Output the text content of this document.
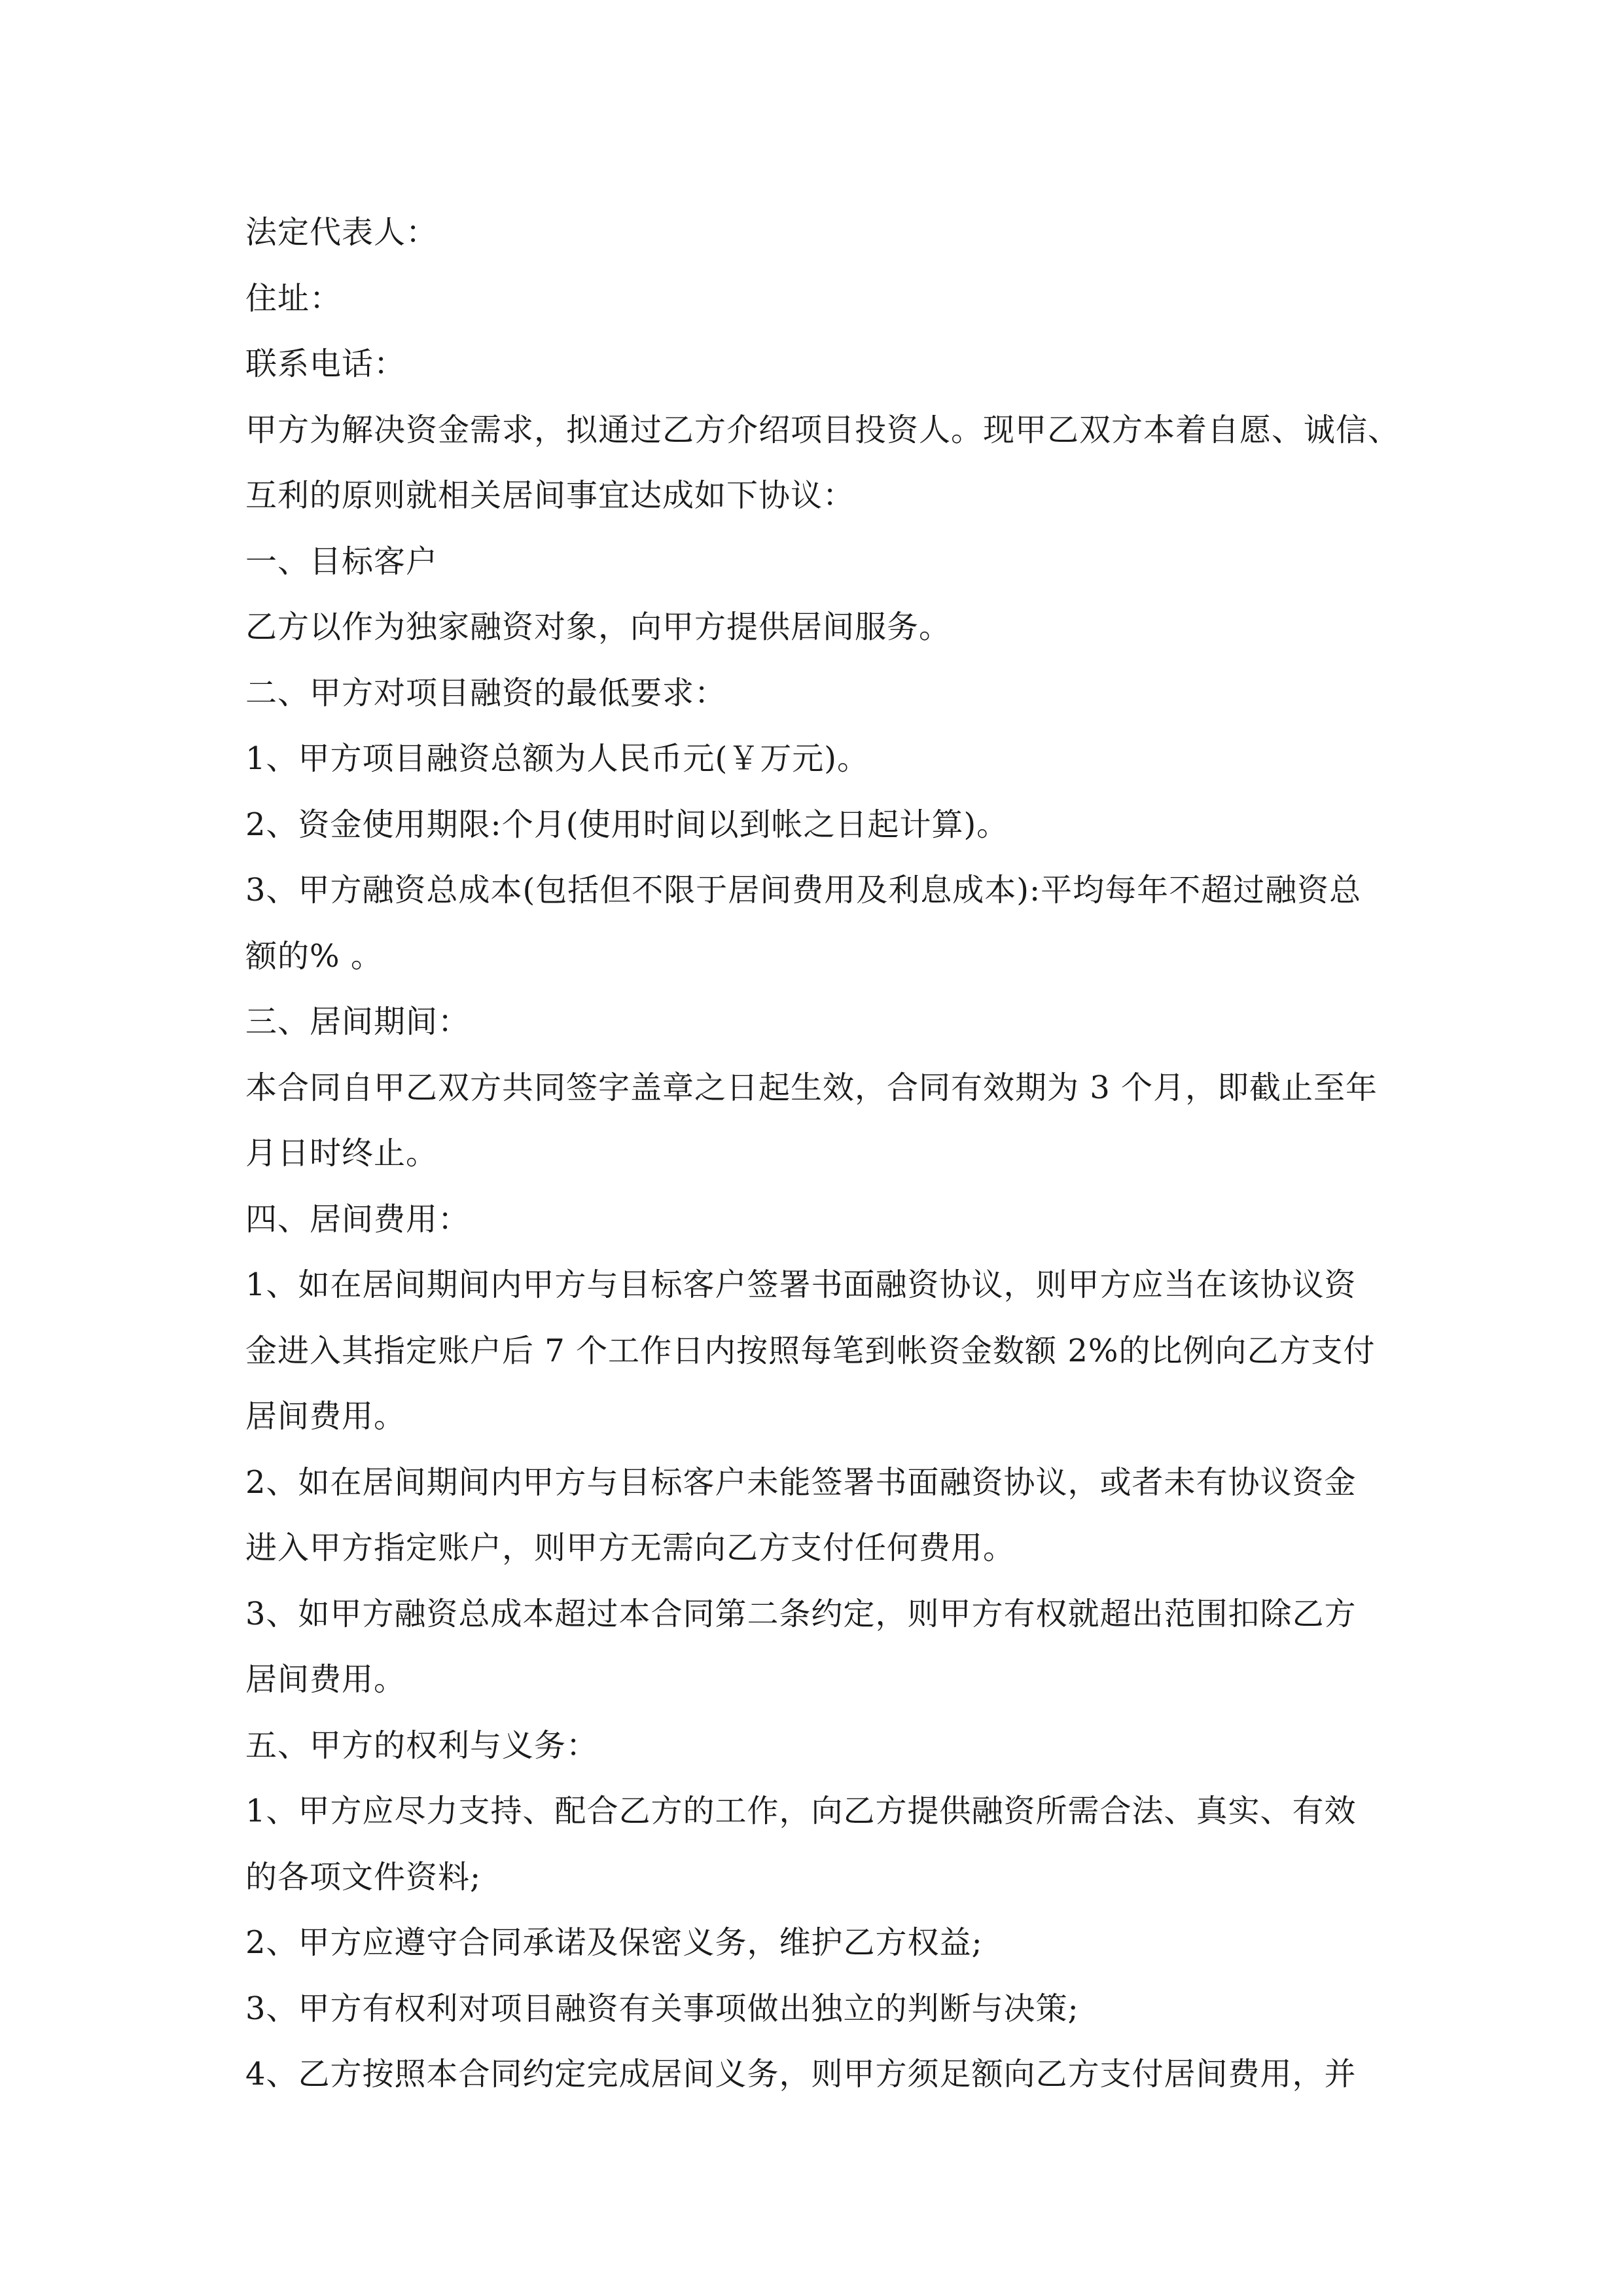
法定代表人：
住址：
联系电话：
甲方为解决资金需求，拟通过乙方介绍项目投资人。现甲乙双方本着自愿、诚信、
互利的原则就相关居间事宜达成如下协议：
一、目标客户
乙方以作为独家融资对象，向甲方提供居间服务。
二、甲方对项目融资的最低要求：
1、甲方项目融资总额为人民币元(￥万元)。
2、资金使用期限:个月(使用时间以到帐之日起计算)。
3、甲方融资总成本(包括但不限于居间费用及利息成本):平均每年不超过融资总
额的% 。
三、居间期间：
本合同自甲乙双方共同签字盖章之日起生效，合同有效期为 3 个月，即截止至年
月日时终止。
四、居间费用：
1、如在居间期间内甲方与目标客户签署书面融资协议，则甲方应当在该协议资
金进入其指定账户后 7 个工作日内按照每笔到帐资金数额 2%的比例向乙方支付
居间费用。
2、如在居间期间内甲方与目标客户未能签署书面融资协议，或者未有协议资金
进入甲方指定账户，则甲方无需向乙方支付任何费用。
3、如甲方融资总成本超过本合同第二条约定，则甲方有权就超出范围扣除乙方
居间费用。
五、甲方的权利与义务：
1、甲方应尽力支持、配合乙方的工作，向乙方提供融资所需合法、真实、有效
的各项文件资料;
2、甲方应遵守合同承诺及保密义务，维护乙方权益;
3、甲方有权利对项目融资有关事项做出独立的判断与决策;
4、乙方按照本合同约定完成居间义务，则甲方须足额向乙方支付居间费用，并
